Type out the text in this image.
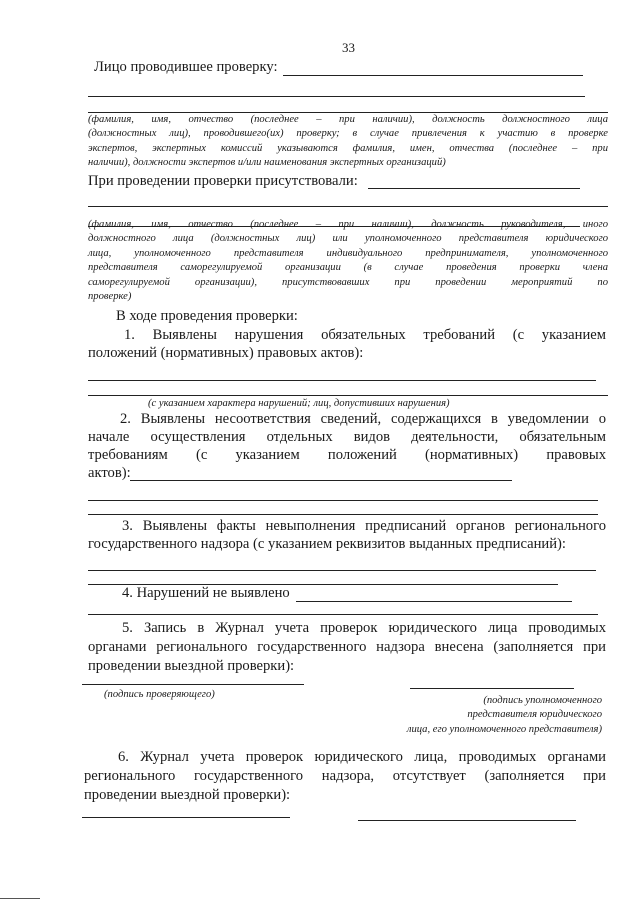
33
Лицо проводившее проверку:
(фамилия, имя, отчество (последнее – при наличии), должность должностного лица
(должностных лиц), проводившего(их) проверку; в случае привлечения к участию в проверке
экспертов, экспертных комиссий указываются фамилия, имен, отчества (последнее – при
наличии), должности экспертов и/или наименования экспертных организаций)
При проведении проверки присутствовали:
(фамилия, имя, отчество (последнее – при наличии), должность руководителя, иного
должностного лица (должностных лиц) или уполномоченного представителя юридического
лица, уполномоченного представителя индивидуального предпринимателя, уполномоченного
представителя саморегулируемой организации (в случае проведения проверки члена
саморегулируемой организации), присутствовавших при проведении мероприятий по
проверке)
В ходе проведения проверки:
1. Выявлены нарушения обязательных требований (с указанием
положений (нормативных) правовых актов):
(с указанием характера нарушений; лиц, допустивших нарушения)
2. Выявлены несоответствия сведений, содержащихся в уведомлении о
начале осуществления отдельных видов деятельности, обязательным
требованиям (с указанием положений (нормативных) правовых
актов):
3. Выявлены факты невыполнения предписаний органов регионального
государственного надзора (с указанием реквизитов выданных предписаний):
4. Нарушений не выявлено
5. Запись в Журнал учета проверок юридического лица проводимых
органами регионального государственного надзора внесена (заполняется при
проведении выездной проверки):
(подпись проверяющего)
(подпись уполномоченного
представителя юридического
лица, его уполномоченного представителя)
6. Журнал учета проверок юридического лица, проводимых органами
регионального государственного надзора, отсутствует (заполняется при
проведении выездной проверки):
